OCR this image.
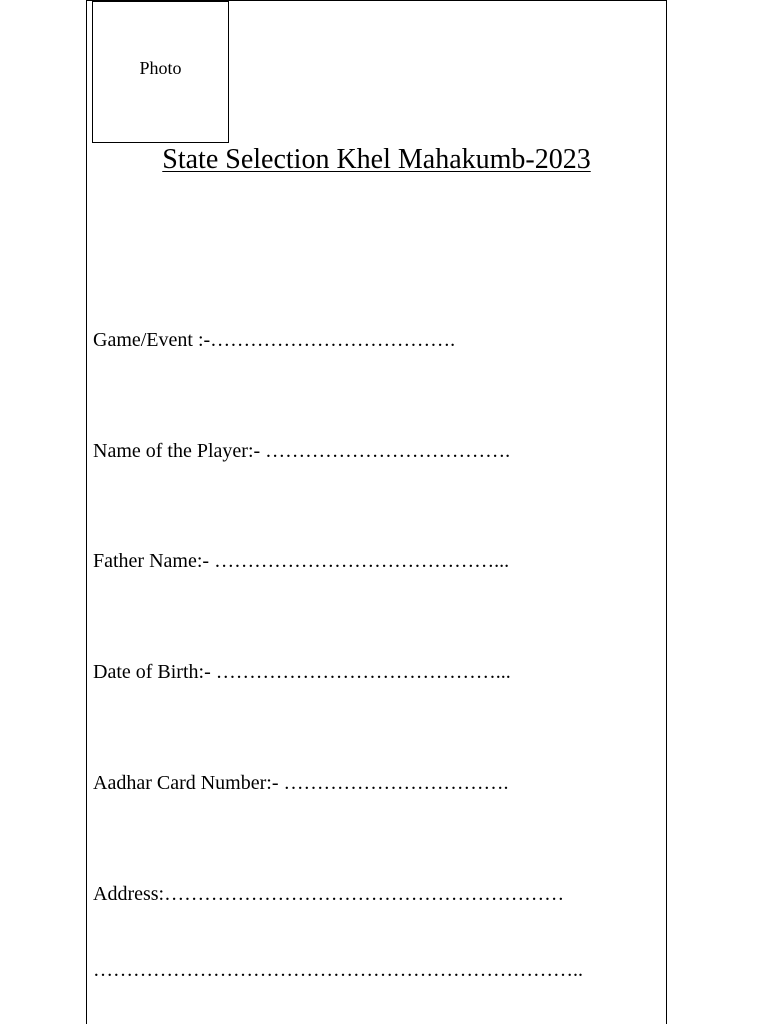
Photo
State Selection Khel Mahakumb-2023
Game/Event :-……………………………….
Name of the Player:- ……………………………….
Father Name:- ……………………………………...
Date of Birth:- ……………………………………...
Aadhar Card Number:- …………………………….
Address:……………………………………………………
………………………………………………………………..
